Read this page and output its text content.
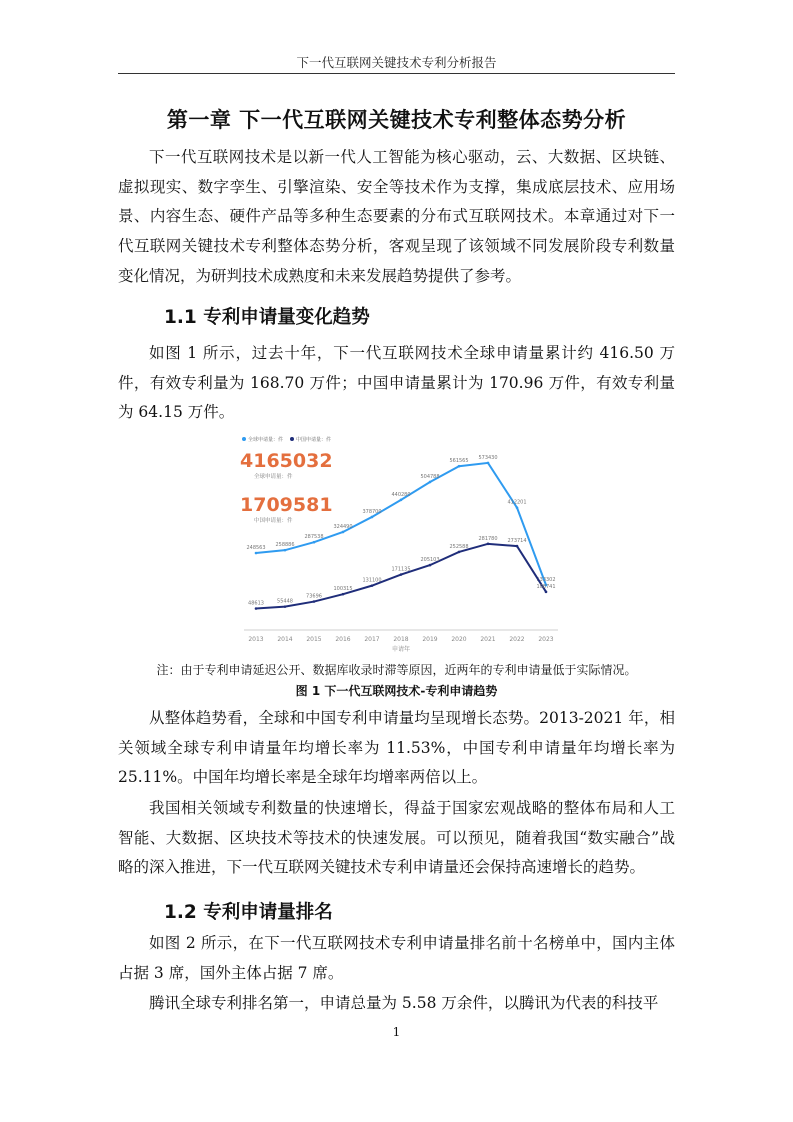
下一代互联网关键技术专利分析报告
第一章 下一代互联网关键技术专利整体态势分析

下一代互联网技术是以新一代人工智能为核心驱动，云、大数据、区块链、虚拟现实、数字孪生、引擎渲染、安全等技术作为支撑，集成底层技术、应用场景、内容生态、硬件产品等多种生态要素的分布式互联网技术。本章通过对下一代互联网关键技术专利整体态势分析，客观呈现了该领域不同发展阶段专利数量变化情况，为研判技术成熟度和未来发展趋势提供了参考。

1.1 专利申请量变化趋势

如图 1 所示，过去十年，下一代互联网技术全球申请量累计约 416.50 万件，有效专利量为 168.70 万件；中国申请量累计为 170.96 万件，有效专利量为 64.15 万件。

2013 2014 2015 2016 2017 2018 2019 2020 2021 2022 2023
申请年
248563 258886
287538
324490
378700
440280
504788
561565
573430
412201
133302
48613	55448
73696
100315
131100
171135
205103
252588
281780 273714
108741
全球申请量：件	中国申请量：件
4165032
全球申请量：件
1709581
中国申请量：件
注：由于专利申请延迟公开、数据库收录时滞等原因，近两年的专利申请量低于实际情况。
图 1 下一代互联网技术-专利申请趋势

从整体趋势看，全球和中国专利申请量均呈现增长态势。2013-2021 年，相关领域全球专利申请量年均增长率为 11.53%，中国专利申请量年均增长率为 25.11%。中国年均增长率是全球年均增率两倍以上。

我国相关领域专利数量的快速增长，得益于国家宏观战略的整体布局和人工智能、大数据、区块技术等技术的快速发展。可以预见，随着我国“数实融合”战略的深入推进，下一代互联网关键技术专利申请量还会保持高速增长的趋势。

1.2 专利申请量排名

如图 2 所示，在下一代互联网技术专利申请量排名前十名榜单中，国内主体占据 3 席，国外主体占据 7 席。

腾讯全球专利排名第一，申请总量为 5.58 万余件，以腾讯为代表的科技平

1
